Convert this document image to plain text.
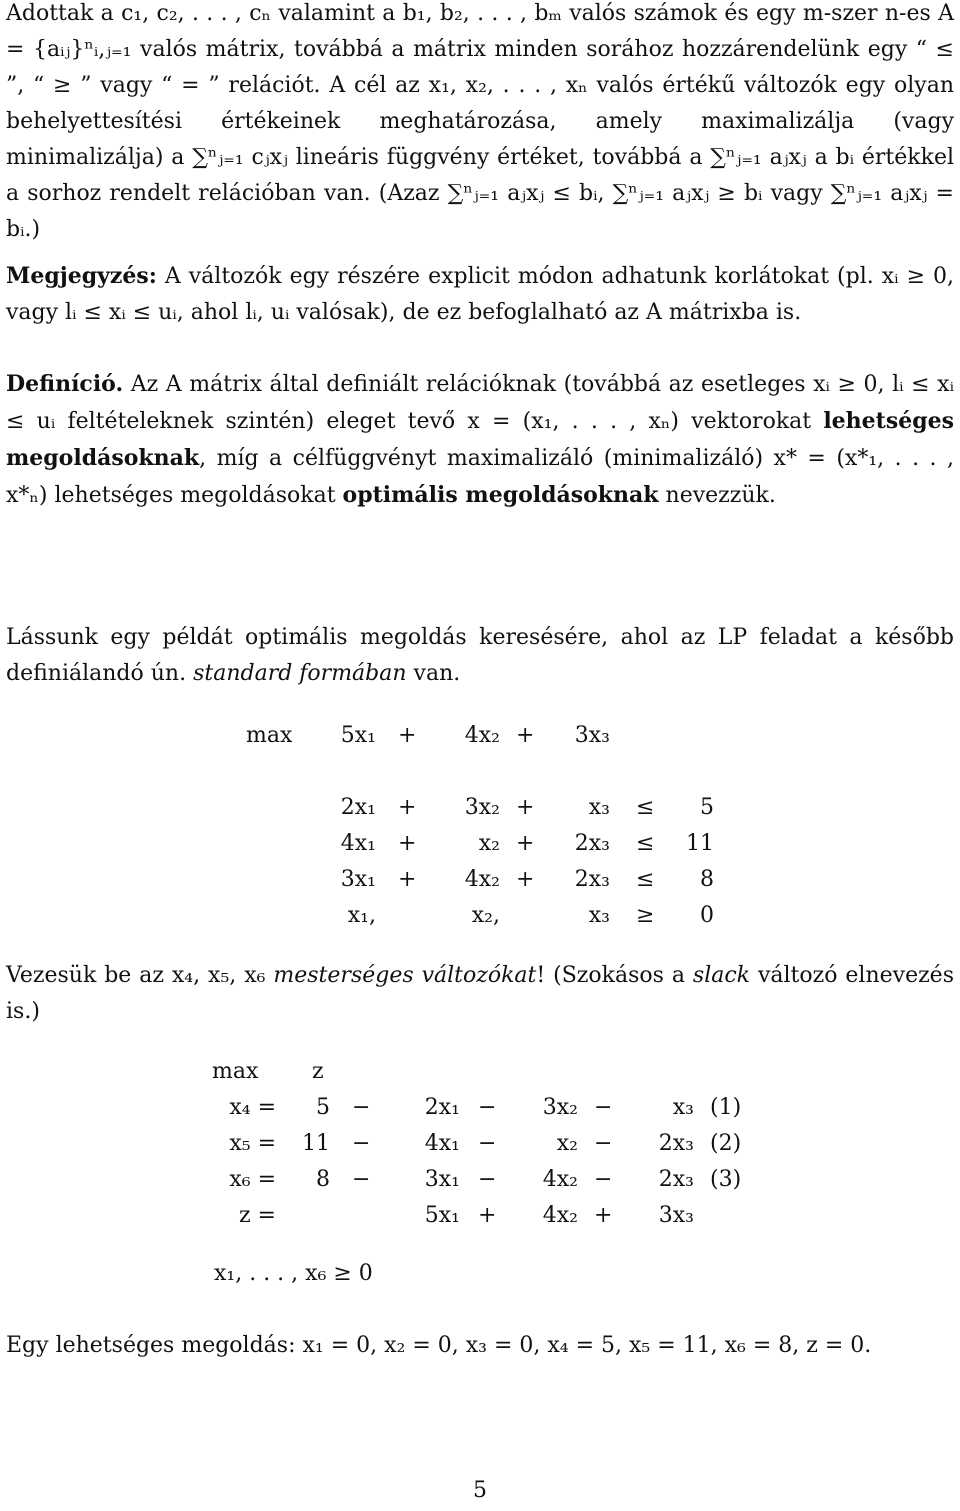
Adottak a c₁, c₂, . . . , cₙ valamint a b₁, b₂, . . . , bₘ valós számok és egy m-szer n-es A = {aᵢⱼ}ⁿᵢ,ⱼ₌₁ valós mátrix, továbbá a mátrix minden sorához hozzárendelünk egy “ ≤ ”, “ ≥ ” vagy “ = ” relációt. A cél az x₁, x₂, . . . , xₙ valós értékű változók egy olyan behelyettesítési értékeinek meghatározása, amely maximalizálja (vagy minimalizálja) a ∑ⁿⱼ₌₁ cⱼxⱼ lineáris függvény értéket, továbbá a ∑ⁿⱼ₌₁ aⱼxⱼ a bᵢ értékkel a sorhoz rendelt relációban van. (Azaz ∑ⁿⱼ₌₁ aⱼxⱼ ≤ bᵢ, ∑ⁿⱼ₌₁ aⱼxⱼ ≥ bᵢ vagy ∑ⁿⱼ₌₁ aⱼxⱼ = bᵢ.)

Megjegyzés: A változók egy részére explicit módon adhatunk korlátokat (pl. xᵢ ≥ 0, vagy lᵢ ≤ xᵢ ≤ uᵢ, ahol lᵢ, uᵢ valósak), de ez befoglalható az A mátrixba is.

Definíció. Az A mátrix által definiált relációknak (továbbá az esetleges xᵢ ≥ 0, lᵢ ≤ xᵢ ≤ uᵢ feltételeknek szintén) eleget tevő x = (x₁, . . . , xₙ) vektorokat lehetséges megoldásoknak, míg a célfüggvényt maximalizáló (minimalizáló) x* = (x*₁, . . . , x*ₙ) lehetséges megoldásokat optimális megoldásoknak nevezzük.

Lássunk egy példát optimális megoldás keresésére, ahol az LP feladat a később definiálandó ún. standard formában van.

max	5x₁ +	4x₂ +	3x₃
2x₁ +	3x₂ +	x₃ ≤	5
4x₁ +	x₂ +	2x₃ ≤	11
3x₁ +	4x₂ +	2x₃ ≤	8
x₁,	x₂,	x₃ ≥	0

Vezesük be az x₄, x₅, x₆ mesterséges változókat! (Szokásos a slack változó elnevezés is.)

max z
x₄ =	5 −	2x₁ −	3x₂ −	x₃ (1)
x₅ =	11 −	4x₁ −	x₂ −	2x₃ (2)
x₆ =	8 −	3x₁ −	4x₂ −	2x₃ (3)
z =	5x₁ +	4x₂ +	3x₃
x₁, . . . , x₆ ≥ 0

Egy lehetséges megoldás: x₁ = 0, x₂ = 0, x₃ = 0, x₄ = 5, x₅ = 11, x₆ = 8, z = 0.

5
